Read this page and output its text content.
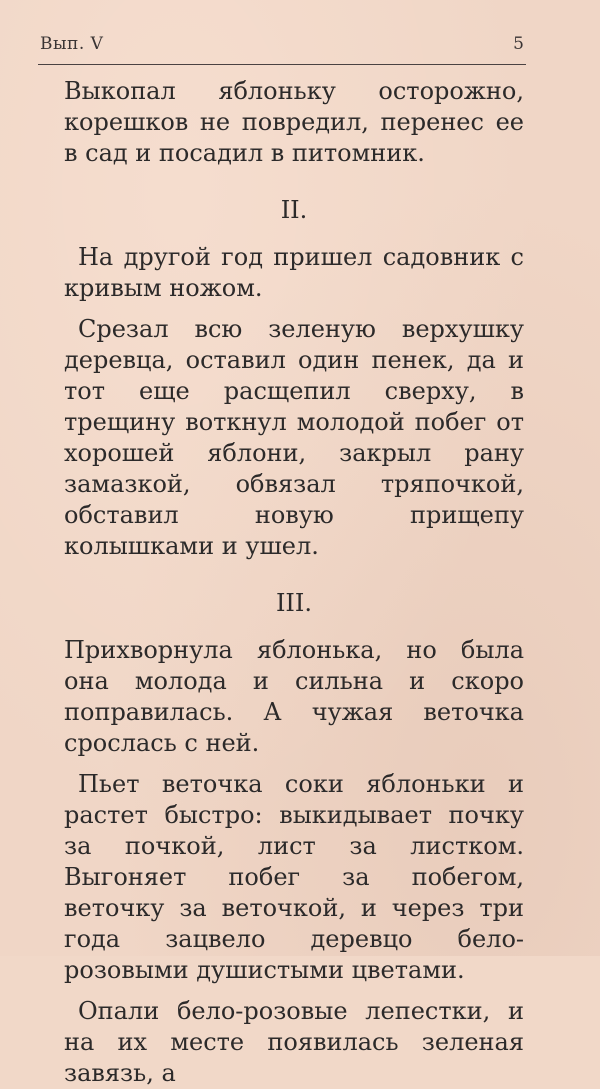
Вып. V	5

Выкопал яблоньку осторожно, корешков не повредил, перенес ее в сад и посадил в питомник.

II.

На другой год пришел садовник с кривым ножом.

Срезал всю зеленую верхушку деревца, оставил один пенек, да и тот еще расщепил сверху, в трещину воткнул молодой побег от хорошей яблони, закрыл рану замазкой, обвязал тряпочкой, обставил новую прищепу колышками и ушел.

III.

Прихворнула яблонька, но была она молода и сильна и скоро поправилась. А чужая веточка срослась с ней.

Пьет веточка соки яблоньки и растет быстро: выкидывает почку за почкой, лист за листком. Выгоняет побег за побегом, веточку за веточкой, и через три года зацвело деревцо бело-розовыми душистыми цветами.

Опали бело-розовые лепестки, и на их месте появилась зеленая завязь, а
